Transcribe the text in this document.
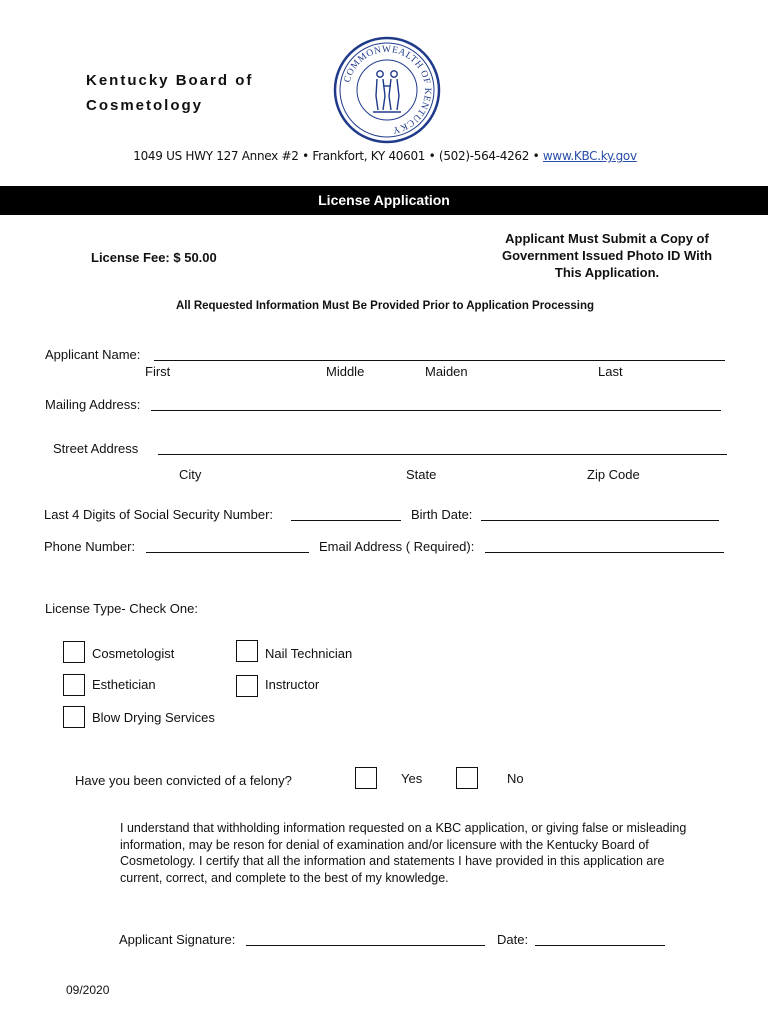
Kentucky Board of
Cosmetology
COMMONWEALTH OF KENTUCKY
1049 US HWY 127 Annex #2 • Frankfort, KY 40601 • (502)-564-4262 • www.KBC.ky.gov
License Application
License Fee: $ 50.00
Applicant Must Submit a Copy of Government Issued Photo ID With This Application.
All Requested Information Must Be Provided Prior to Application Processing
Applicant Name:
First	Middle	Maiden	Last
Mailing Address:
Street Address
City	State	Zip Code
Last 4 Digits of Social Security Number:	Birth Date:
Phone Number:	Email Address ( Required):
License Type- Check One:
Cosmetologist	Nail Technician
Esthetician	Instructor
Blow Drying Services
Have you been convicted of a felony?	Yes	No
I understand that withholding information requested on a KBC application, or giving false or misleading information, may be reson for denial of examination and/or licensure with the Kentucky Board of Cosmetology. I certify that all the information and statements I have provided in this application are current, correct, and complete to the best of my knowledge.
Applicant Signature:	Date:
09/2020
